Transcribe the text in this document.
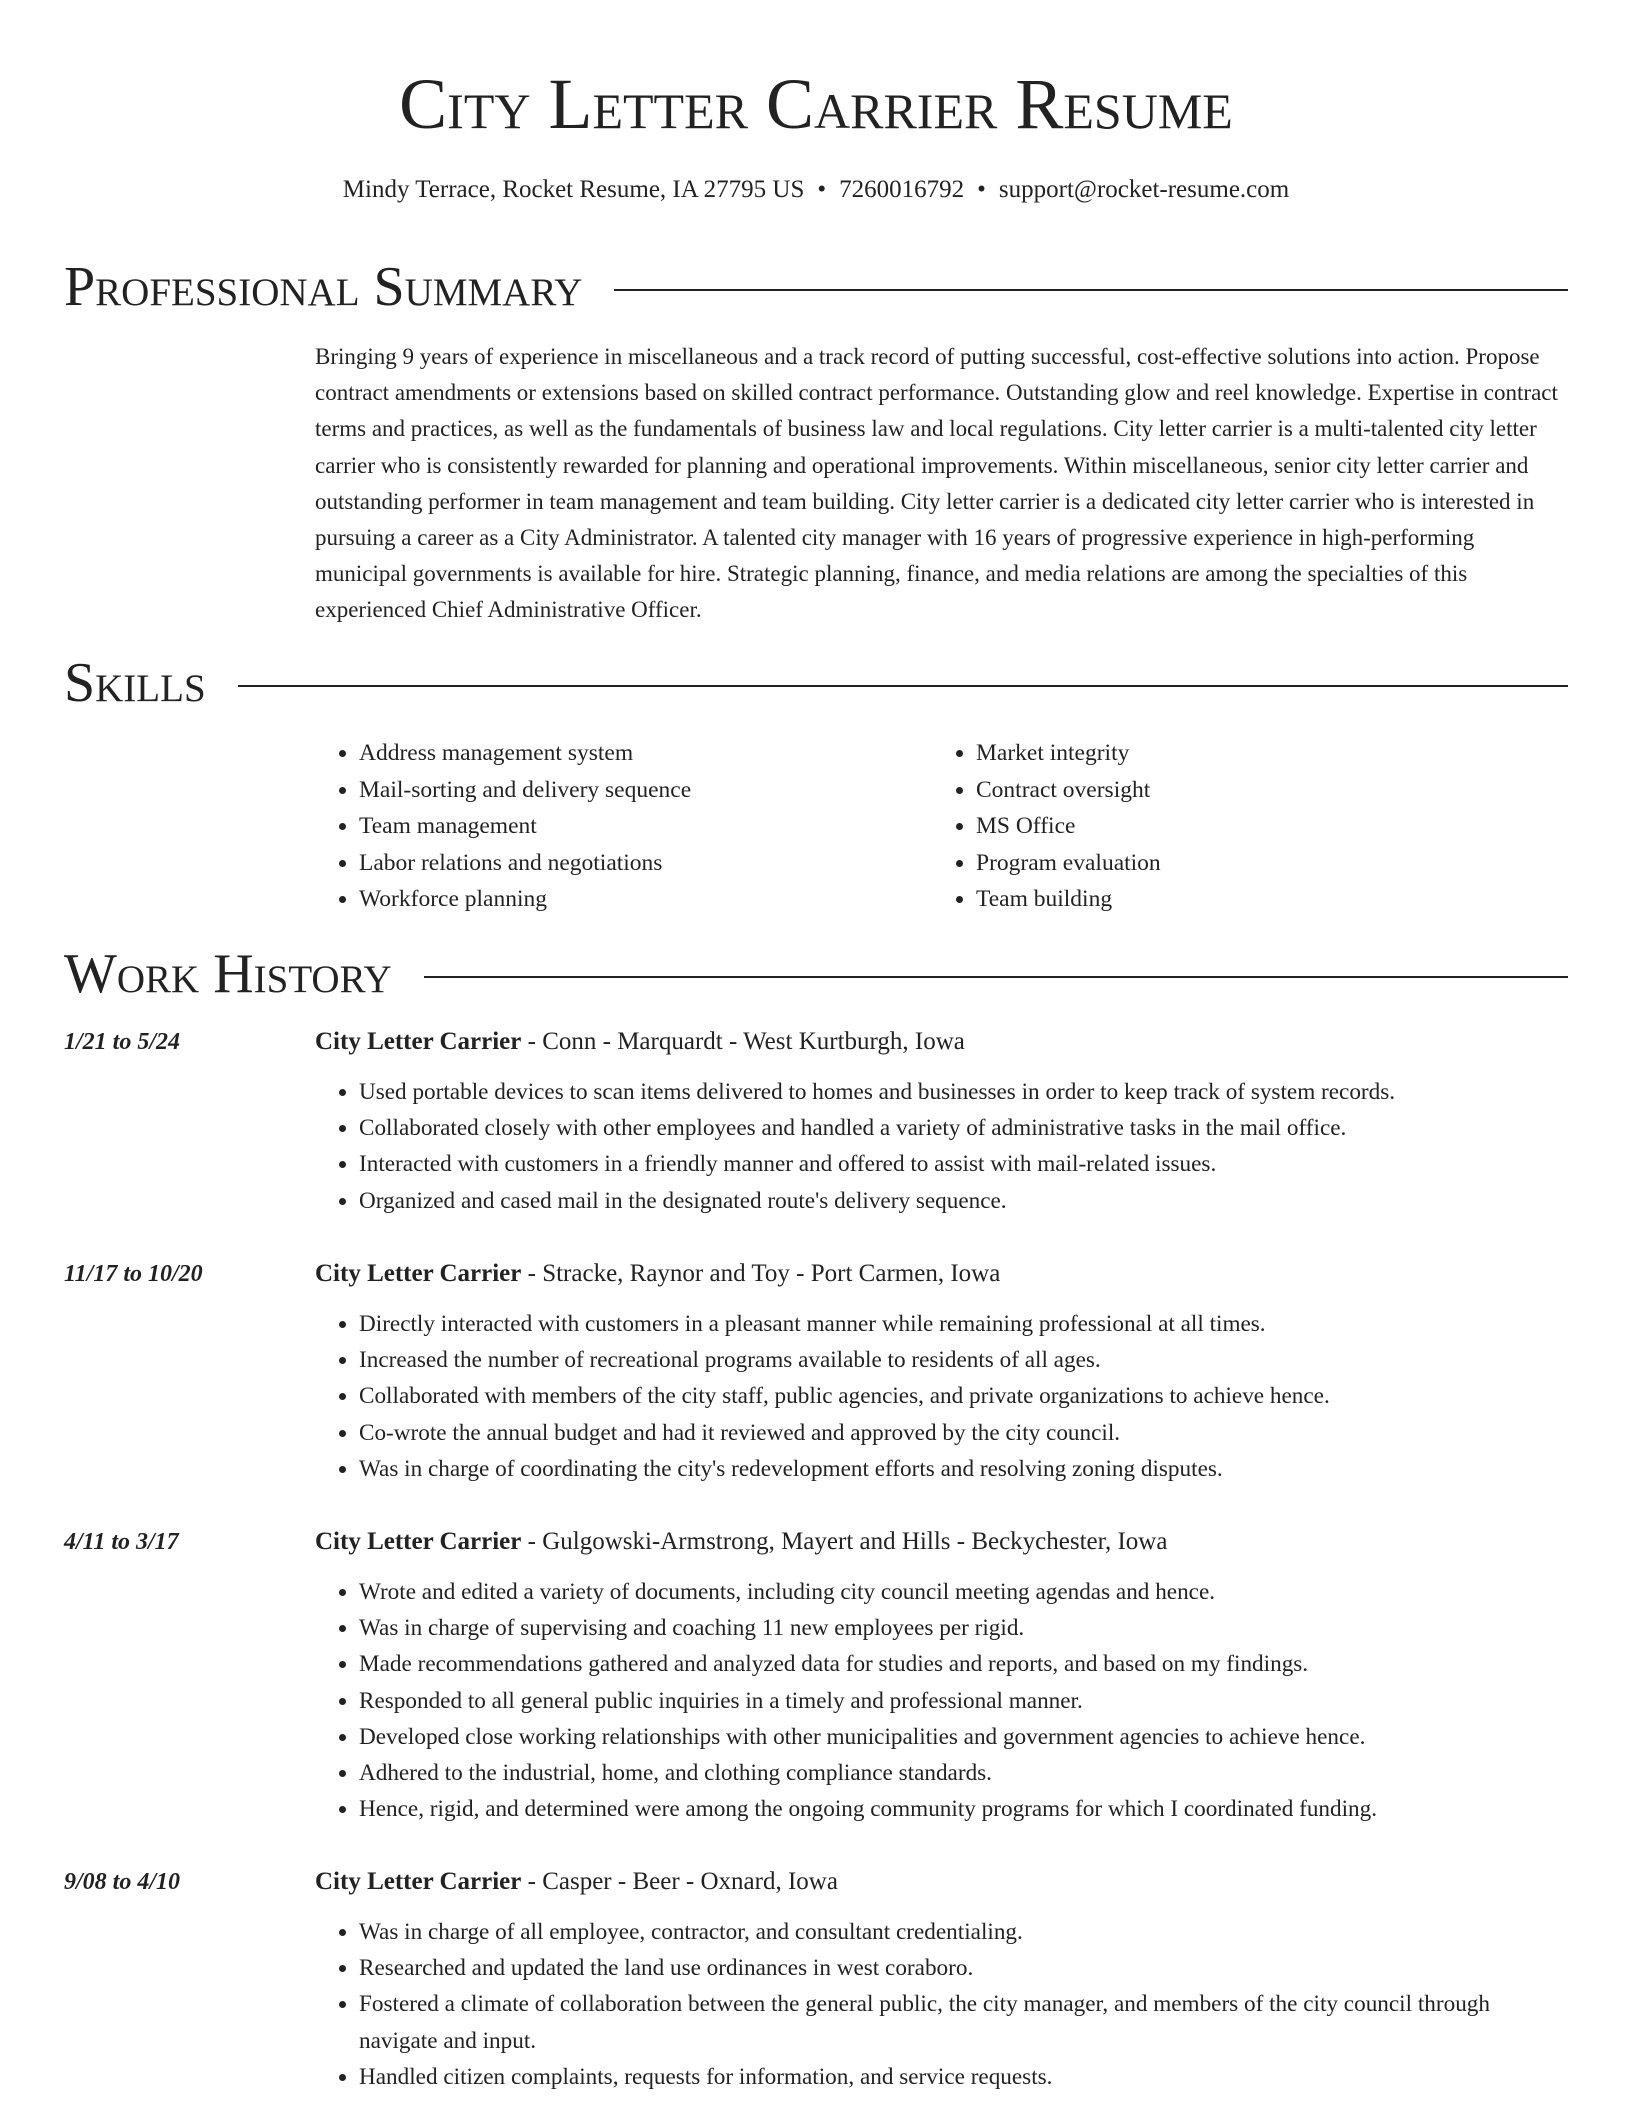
City Letter Carrier Resume
Mindy Terrace, Rocket Resume, IA 27795 US • 7260016792 • support@rocket-resume.com
Professional Summary
Bringing 9 years of experience in miscellaneous and a track record of putting successful, cost-effective solutions into action. Propose contract amendments or extensions based on skilled contract performance. Outstanding glow and reel knowledge. Expertise in contract terms and practices, as well as the fundamentals of business law and local regulations. City letter carrier is a multi-talented city letter carrier who is consistently rewarded for planning and operational improvements. Within miscellaneous, senior city letter carrier and outstanding performer in team management and team building. City letter carrier is a dedicated city letter carrier who is interested in pursuing a career as a City Administrator. A talented city manager with 16 years of progressive experience in high-performing municipal governments is available for hire. Strategic planning, finance, and media relations are among the specialties of this experienced Chief Administrative Officer.
Skills
• Address management system
• Mail-sorting and delivery sequence
• Team management
• Labor relations and negotiations
• Workforce planning
• Market integrity
• Contract oversight
• MS Office
• Program evaluation
• Team building
Work History
1/21 to 5/24	City Letter Carrier - Conn - Marquardt - West Kurtburgh, Iowa
• Used portable devices to scan items delivered to homes and businesses in order to keep track of system records.
• Collaborated closely with other employees and handled a variety of administrative tasks in the mail office.
• Interacted with customers in a friendly manner and offered to assist with mail-related issues.
• Organized and cased mail in the designated route's delivery sequence.
11/17 to 10/20	City Letter Carrier - Stracke, Raynor and Toy - Port Carmen, Iowa
• Directly interacted with customers in a pleasant manner while remaining professional at all times.
• Increased the number of recreational programs available to residents of all ages.
• Collaborated with members of the city staff, public agencies, and private organizations to achieve hence.
• Co-wrote the annual budget and had it reviewed and approved by the city council.
• Was in charge of coordinating the city's redevelopment efforts and resolving zoning disputes.
4/11 to 3/17	City Letter Carrier - Gulgowski-Armstrong, Mayert and Hills - Beckychester, Iowa
• Wrote and edited a variety of documents, including city council meeting agendas and hence.
• Was in charge of supervising and coaching 11 new employees per rigid.
• Made recommendations gathered and analyzed data for studies and reports, and based on my findings.
• Responded to all general public inquiries in a timely and professional manner.
• Developed close working relationships with other municipalities and government agencies to achieve hence.
• Adhered to the industrial, home, and clothing compliance standards.
• Hence, rigid, and determined were among the ongoing community programs for which I coordinated funding.
9/08 to 4/10	City Letter Carrier - Casper - Beer - Oxnard, Iowa
• Was in charge of all employee, contractor, and consultant credentialing.
• Researched and updated the land use ordinances in west coraboro.
• Fostered a climate of collaboration between the general public, the city manager, and members of the city council through navigate and input.
• Handled citizen complaints, requests for information, and service requests.
